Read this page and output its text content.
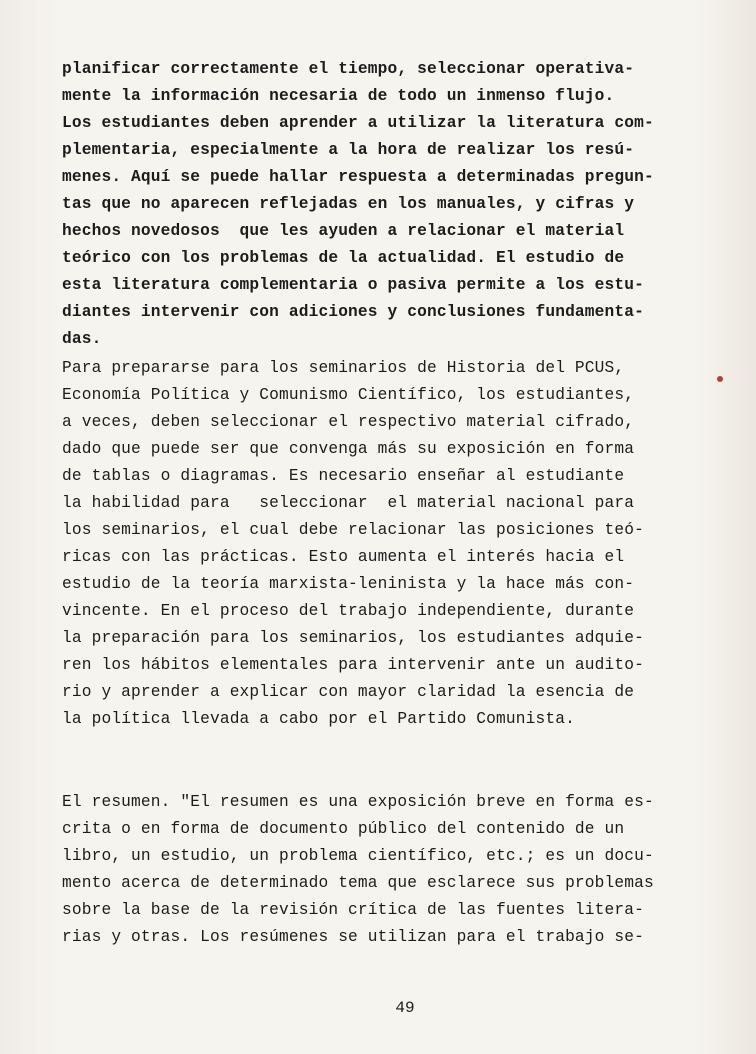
ﾠ

ﾠ
planificar correctamente el tiempo, seleccionar operativa-
mente la información necesaria de todo un inmenso flujo.
Los estudiantes deben aprender a utilizar la literatura com-
plementaria, especialmente a la hora de realizar los resú-
menes. Aquí se puede hallar respuesta a determinadas pregun-
tas que no aparecen reflejadas en los manuales, y cifras y
hechos novedosos  que les ayuden a relacionar el material
teórico con los problemas de la actualidad. El estudio de
esta literatura complementaria o pasiva permite a los estu-
diantes intervenir con adiciones y conclusiones fundamenta-
das.
Para prepararse para los seminarios de Historia del PCUS,
Economía Política y Comunismo Científico, los estudiantes,
a veces, deben seleccionar el respectivo material cifrado,
dado que puede ser que convenga más su exposición en forma
de tablas o diagramas. Es necesario enseñar al estudiante
la habilidad para   seleccionar  el material nacional para
los seminarios, el cual debe relacionar las posiciones teó-
ricas con las prácticas. Esto aumenta el interés hacia el
estudio de la teoría marxista-leninista y la hace más con-
vincente. En el proceso del trabajo independiente, durante
la preparación para los seminarios, los estudiantes adquie-
ren los hábitos elementales para intervenir ante un audito-
rio y aprender a explicar con mayor claridad la esencia de
la política llevada a cabo por el Partido Comunista.
El resumen. "El resumen es una exposición breve en forma es-
crita o en forma de documento público del contenido de un
libro, un estudio, un problema científico, etc.; es un docu-
mento acerca de determinado tema que esclarece sus problemas
sobre la base de la revisión crítica de las fuentes litera-
rias y otras. Los resúmenes se utilizan para el trabajo se-
49
